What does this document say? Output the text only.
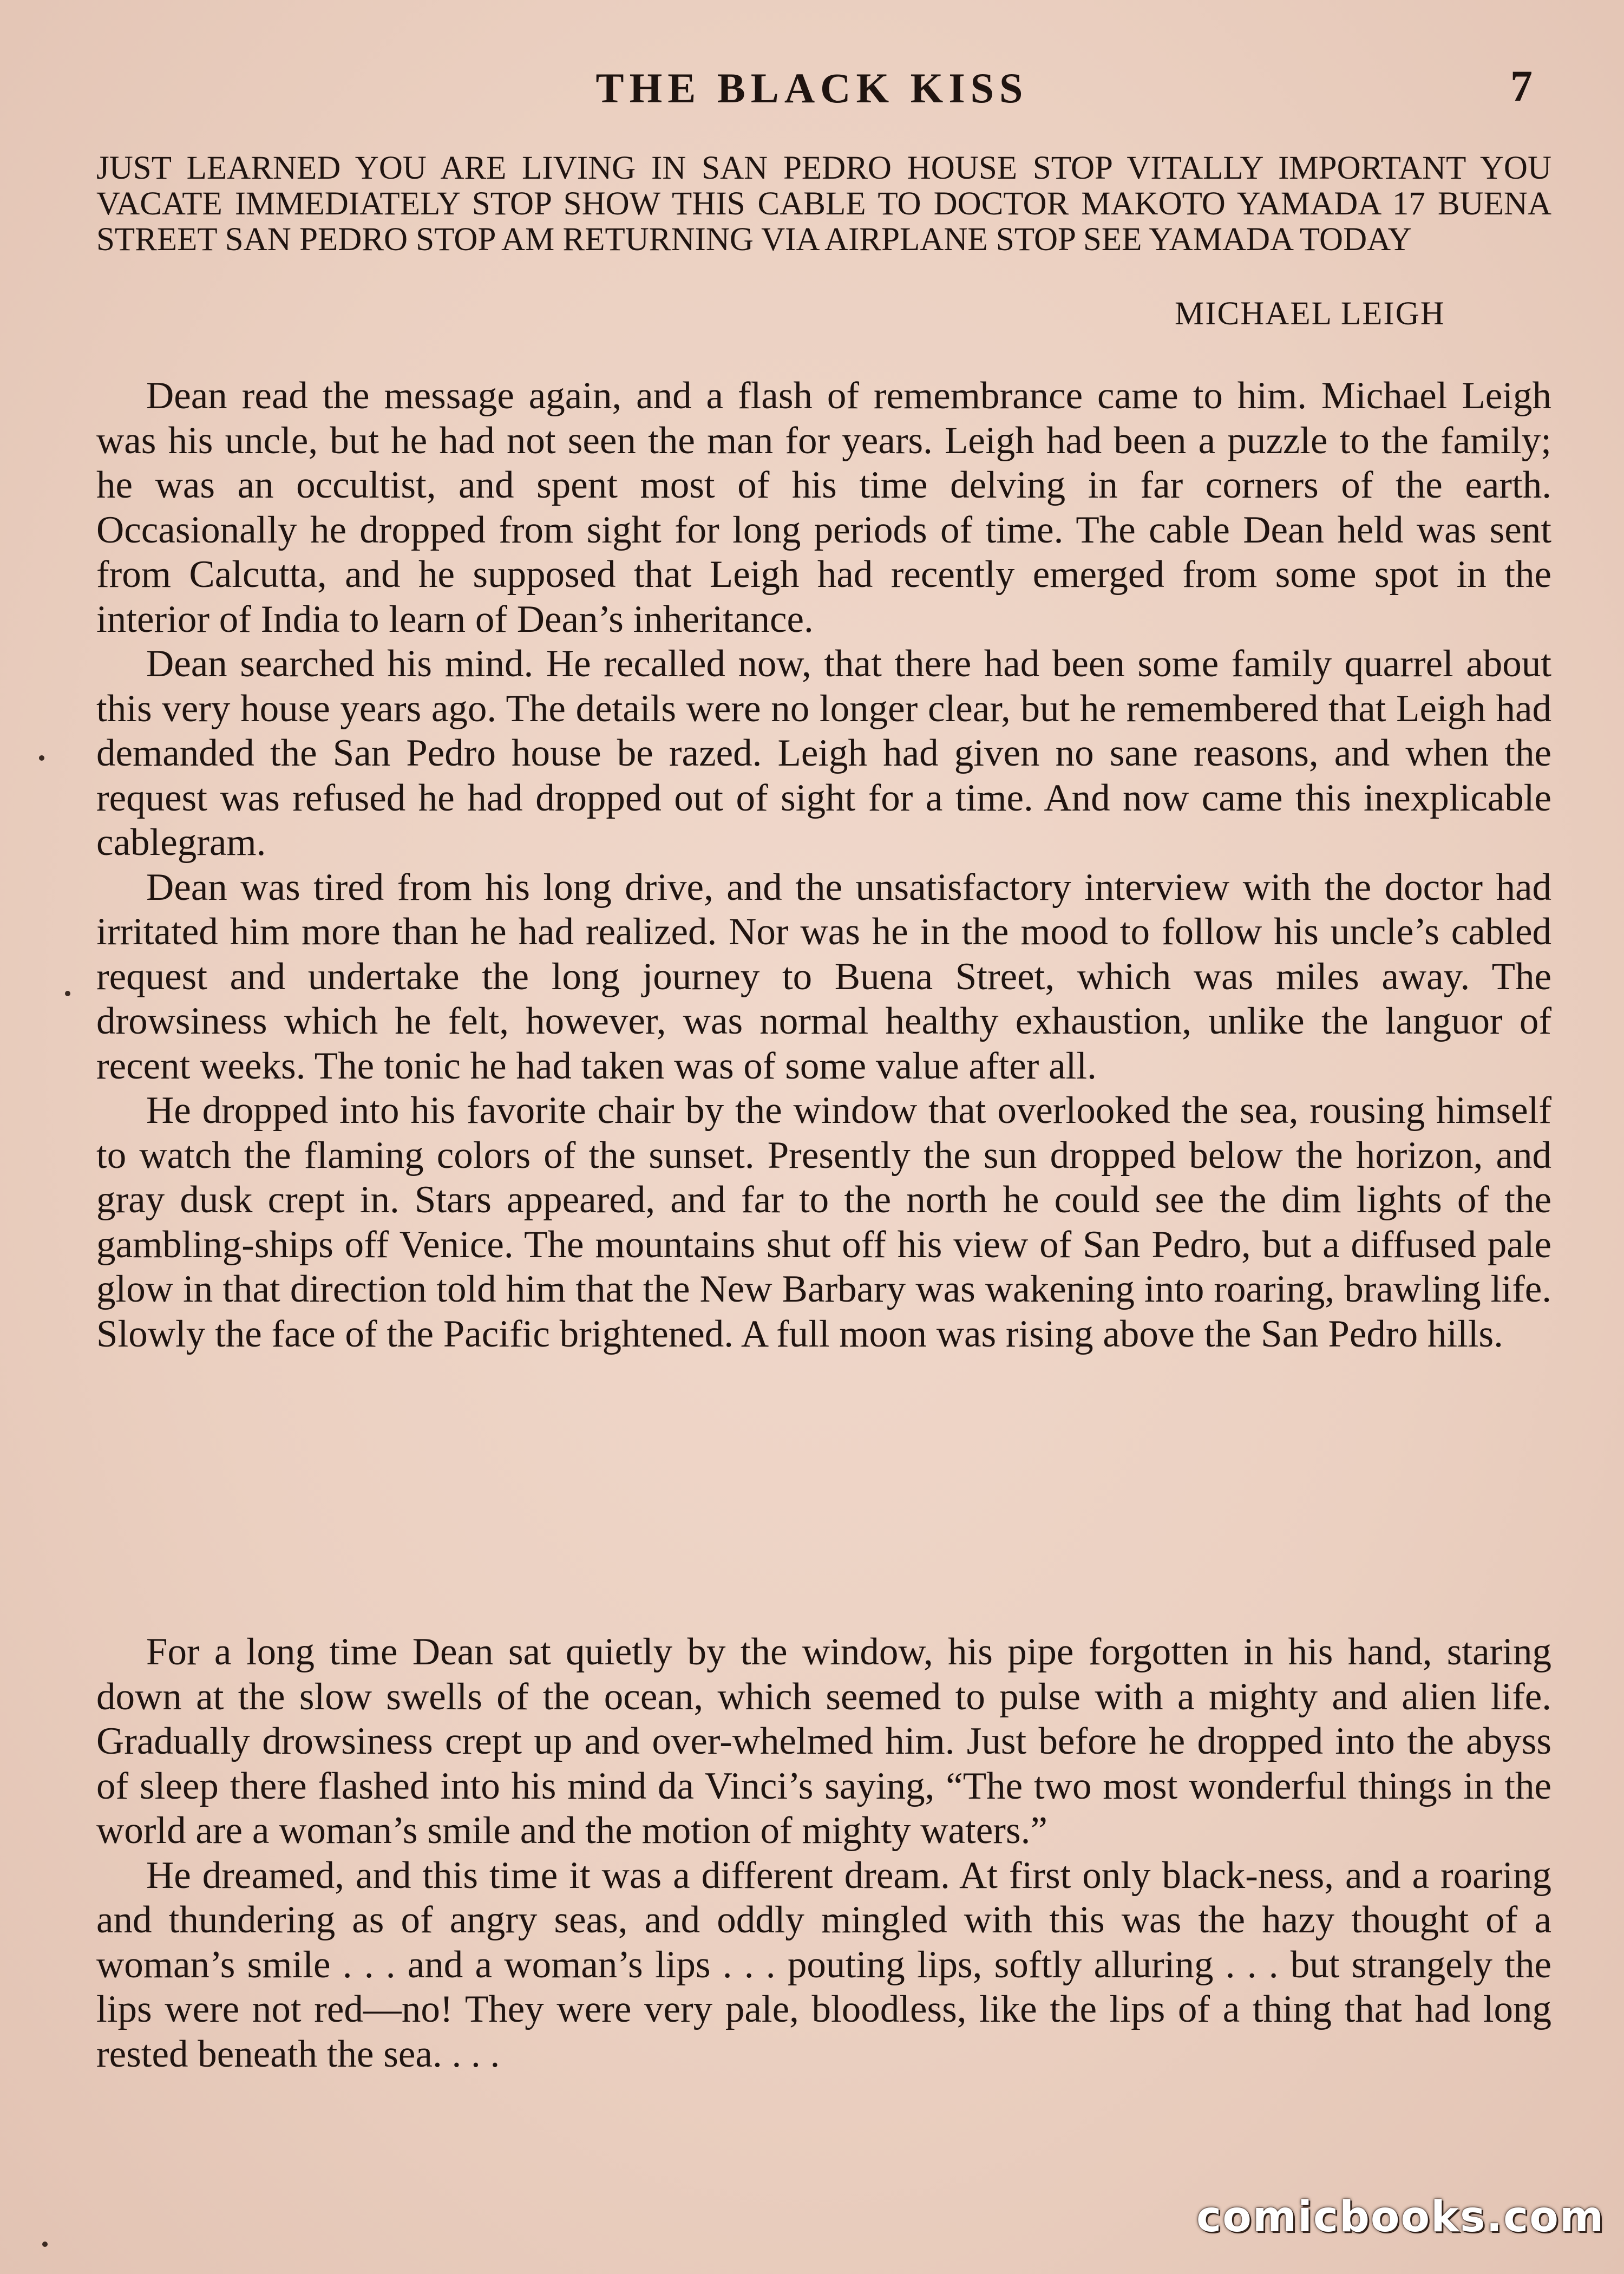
THE BLACK KISS	7
JUST LEARNED YOU ARE LIVING IN SAN PEDRO HOUSE STOP VITALLY IMPORTANT YOU VACATE IMMEDIATELY STOP SHOW THIS CABLE TO DOCTOR MAKOTO YAMADA 17 BUENA STREET SAN PEDRO STOP AM RETURNING VIA AIRPLANE STOP SEE YAMADA TODAY
MICHAEL LEIGH

Dean read the message again, and a flash of remembrance came to him. Michael Leigh was his uncle, but he had not seen the man for years. Leigh had been a puzzle to the family; he was an occultist, and spent most of his time delving in far corners of the earth. Occasionally he dropped from sight for long periods of time. The cable Dean held was sent from Calcutta, and he supposed that Leigh had recently emerged from some spot in the interior of India to learn of Dean’s inheritance.

Dean searched his mind. He recalled now, that there had been some family quarrel about this very house years ago. The details were no longer clear, but he remembered that Leigh had demanded the San Pedro house be razed. Leigh had given no sane reasons, and when the request was refused he had dropped out of sight for a time. And now came this inexplicable cablegram.

Dean was tired from his long drive, and the unsatisfactory interview with the doctor had irritated him more than he had realized. Nor was he in the mood to follow his uncle’s cabled request and undertake the long journey to Buena Street, which was miles away. The drowsiness which he felt, however, was normal healthy exhaustion, unlike the languor of recent weeks. The tonic he had taken was of some value after all.

He dropped into his favorite chair by the window that overlooked the sea, rousing himself to watch the flaming colors of the sunset. Presently the sun dropped below the horizon, and gray dusk crept in. Stars appeared, and far to the north he could see the dim lights of the gambling-ships off Venice. The mountains shut off his view of San Pedro, but a diffused pale glow in that direction told him that the New Barbary was wakening into roaring, brawling life. Slowly the face of the Pacific brightened. A full moon was rising above the San Pedro hills.

For a long time Dean sat quietly by the window, his pipe forgotten in his hand, staring down at the slow swells of the ocean, which seemed to pulse with a mighty and alien life. Gradually drowsiness crept up and over-whelmed him. Just before he dropped into the abyss of sleep there flashed into his mind da Vinci’s saying, “The two most wonderful things in the world are a woman’s smile and the motion of mighty waters.”

He dreamed, and this time it was a different dream. At first only black-ness, and a roaring and thundering as of angry seas, and oddly mingled with this was the hazy thought of a woman’s smile . . . and a woman’s lips . . . pouting lips, softly alluring . . . but strangely the lips were not red—no! They were very pale, bloodless, like the lips of a thing that had long rested beneath the sea. . . .

comicbooks.com
